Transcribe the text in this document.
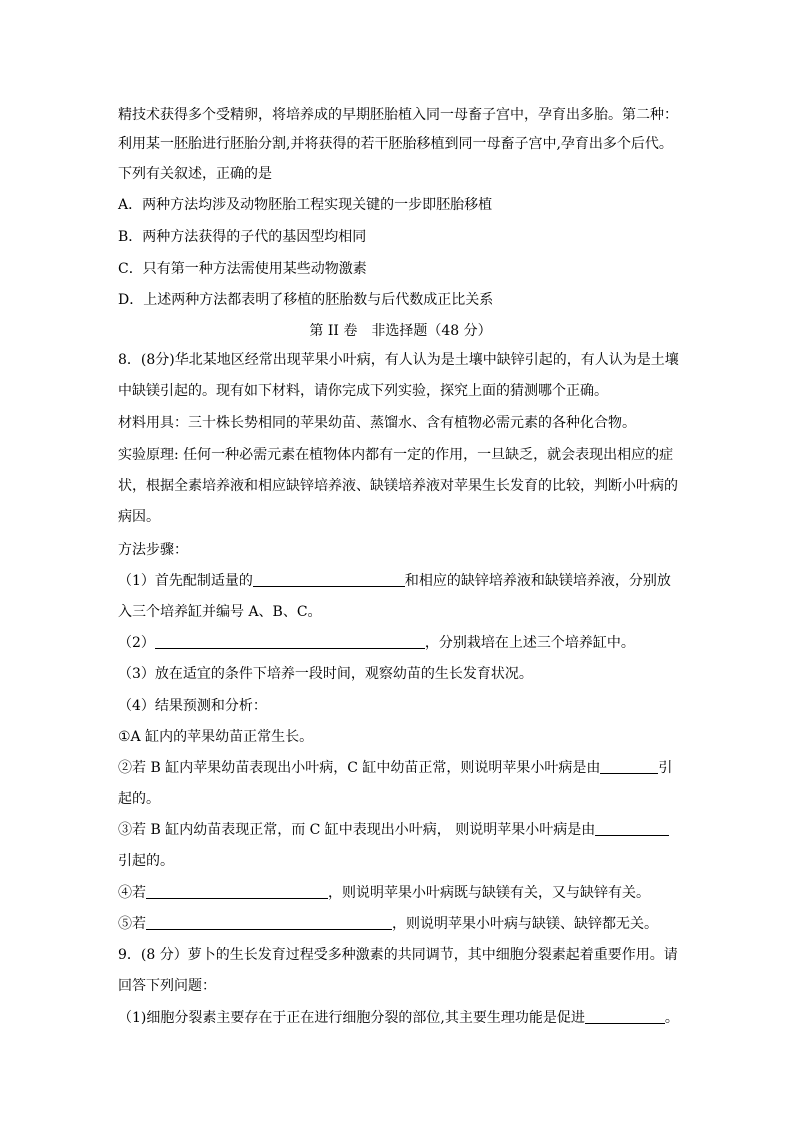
精技术获得多个受精卵，将培养成的早期胚胎植入同一母畜子宫中，孕育出多胎。第二种：
利用某一胚胎进行胚胎分割,并将获得的若干胚胎移植到同一母畜子宫中,孕育出多个后代。
下列有关叙述，正确的是
A．两种方法均涉及动物胚胎工程实现关键的一步即胚胎移植
B．两种方法获得的子代的基因型均相同
C．只有第一种方法需使用某些动物激素
D．上述两种方法都表明了移植的胚胎数与后代数成正比关系
第 II 卷　非选择题（48 分）
8．(8分)华北某地区经常出现苹果小叶病，有人认为是土壤中缺锌引起的，有人认为是土壤
中缺镁引起的。现有如下材料，请你完成下列实验，探究上面的猜测哪个正确。
材料用具：三十株长势相同的苹果幼苗、蒸馏水、含有植物必需元素的各种化合物。
实验原理: 任何一种必需元素在植物体内都有一定的作用，一旦缺乏，就会表现出相应的症
状，根据全素培养液和相应缺锌培养液、缺镁培养液对苹果生长发育的比较，判断小叶病的
病因。
方法步骤：
（1）首先配制适量的	和相应的缺锌培养液和缺镁培养液，分别放
入三个培养缸并编号 A、B、C。
（2）	，分别栽培在上述三个培养缸中。
（3）放在适宜的条件下培养一段时间，观察幼苗的生长发育状况。
（4）结果预测和分析：
①A 缸内的苹果幼苗正常生长。
②若 B 缸内苹果幼苗表现出小叶病，C 缸中幼苗正常，则说明苹果小叶病是由	引
起的。
③若 B 缸内幼苗表现正常，而 C 缸中表现出小叶病， 则说明苹果小叶病是由
引起的。
④若	，则说明苹果小叶病既与缺镁有关，又与缺锌有关。
⑤若	，则说明苹果小叶病与缺镁、缺锌都无关。
9．(8 分）萝卜的生长发育过程受多种激素的共同调节，其中细胞分裂素起着重要作用。请
回答下列问题：
（1)细胞分裂素主要存在于正在进行细胞分裂的部位,其主要生理功能是促进	。
